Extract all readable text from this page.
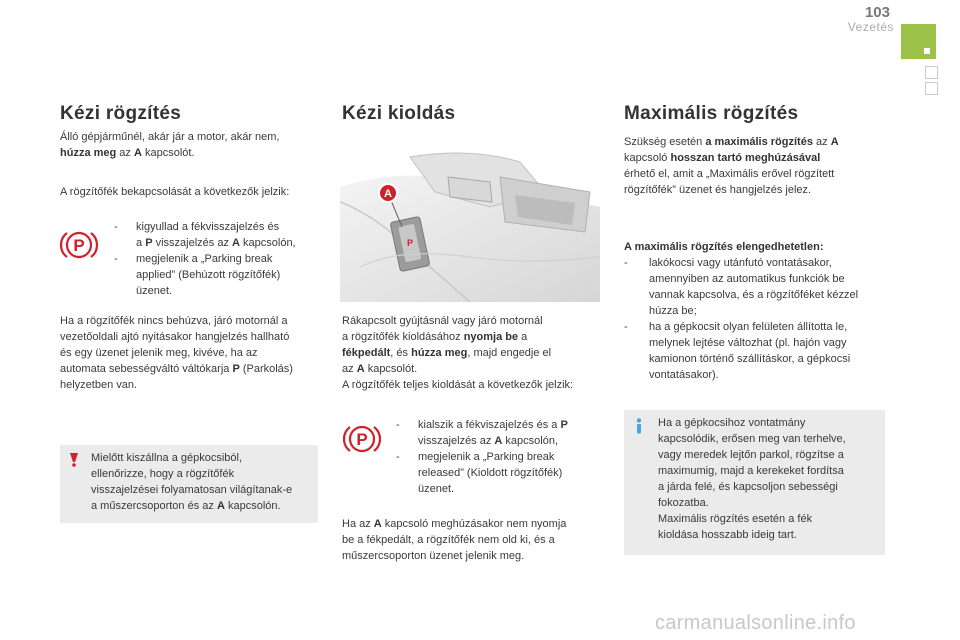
103
Vezetés
Kézi rögzítés
Álló gépjárműnél, akár jár a motor, akár nem,
húzza meg az A kapcsolót.
A rögzítőfék bekapcsolását a következők jelzik:
P
- kigyullad a fékvisszajelzés és
a P visszajelzés az A kapcsolón,
- megjelenik a „Parking break
applied” (Behúzott rögzítőfék)
üzenet.
Ha a rögzítőfék nincs behúzva, járó motornál a
vezetőoldali ajtó nyitásakor hangjelzés hallható
és egy üzenet jelenik meg, kivéve, ha az
automata sebességváltó váltókarja P (Parkolás)
helyzetben van.
Mielőtt kiszállna a gépkocsiból,
ellenőrizze, hogy a rögzítőfék
visszajelzései folyamatosan világítanak-e
a műszercsoporton és az A kapcsolón.
Kézi kioldás
P
A
Rákapcsolt gyújtásnál vagy járó motornál
a rögzítőfék kioldásához nyomja be a
fékpedált, és húzza meg, majd engedje el
az A kapcsolót.
A rögzítőfék teljes kioldását a következők jelzik:
P
- kialszik a fékviszajelzés és a P
visszajelzés az A kapcsolón,
- megjelenik a „Parking break
released” (Kioldott rögzítőfék)
üzenet.
Ha az A kapcsoló meghúzásakor nem nyomja
be a fékpedált, a rögzítőfék nem old ki, és a
műszercsoporton üzenet jelenik meg.
Maximális rögzítés
Szükség esetén a maximális rögzítés az A
kapcsoló hosszan tartó meghúzásával
érhető el, amit a „Maximális erővel rögzített
rögzítőfék” üzenet és hangjelzés jelez.
A maximális rögzítés elengedhetetlen:
- lakókocsi vagy utánfutó vontatásakor,
amennyiben az automatikus funkciók be
vannak kapcsolva, és a rögzítőféket kézzel
húzza be;
- ha a gépkocsit olyan felületen állította le,
melynek lejtése változhat (pl. hajón vagy
kamionon történő szállításkor, a gépkocsi
vontatásakor).
Ha a gépkocsihoz vontatmány
kapcsolódik, erősen meg van terhelve,
vagy meredek lejtőn parkol, rögzítse a
maximumig, majd a kerekeket fordítsa
a járda felé, és kapcsoljon sebességi
fokozatba.
Maximális rögzítés esetén a fék
kioldása hosszabb ideig tart.
carmanualsonline.info
